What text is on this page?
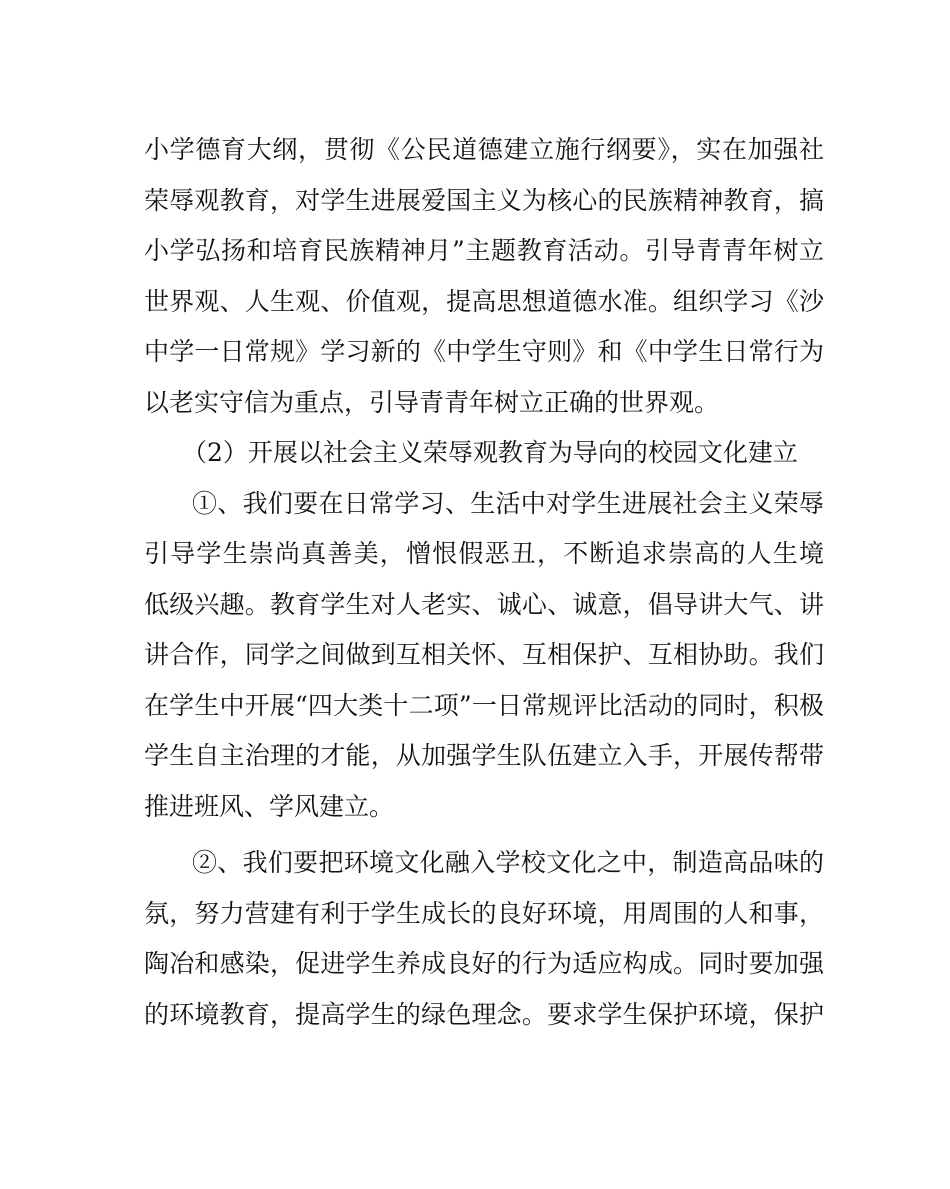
小学德育大纲，贯彻《公民道德建立施行纲要》，实在加强社
荣辱观教育，对学生进展爱国主义为核心的民族精神教育，搞
小学弘扬和培育民族精神月”主题教育活动。引导青青年树立
世界观、人生观、价值观，提高思想道德水准。组织学习《沙
中学一日常规》学习新的《中学生守则》和《中学生日常行为
以老实守信为重点，引导青青年树立正确的世界观。
（2）开展以社会主义荣辱观教育为导向的校园文化建立
①、我们要在日常学习、生活中对学生进展社会主义荣辱
引导学生崇尚真善美，憎恨假恶丑，不断追求崇高的人生境
低级兴趣。教育学生对人老实、诚心、诚意，倡导讲大气、讲
讲合作，同学之间做到互相关怀、互相保护、互相协助。我们
在学生中开展“四大类十二项”一日常规评比活动的同时，积极
学生自主治理的才能，从加强学生队伍建立入手，开展传帮带
推进班风、学风建立。
②、我们要把环境文化融入学校文化之中，制造高品味的
氛，努力营建有利于学生成长的良好环境，用周围的人和事，
陶冶和感染，促进学生养成良好的行为适应构成。同时要加强
的环境教育，提高学生的绿色理念。要求学生保护环境，保护
